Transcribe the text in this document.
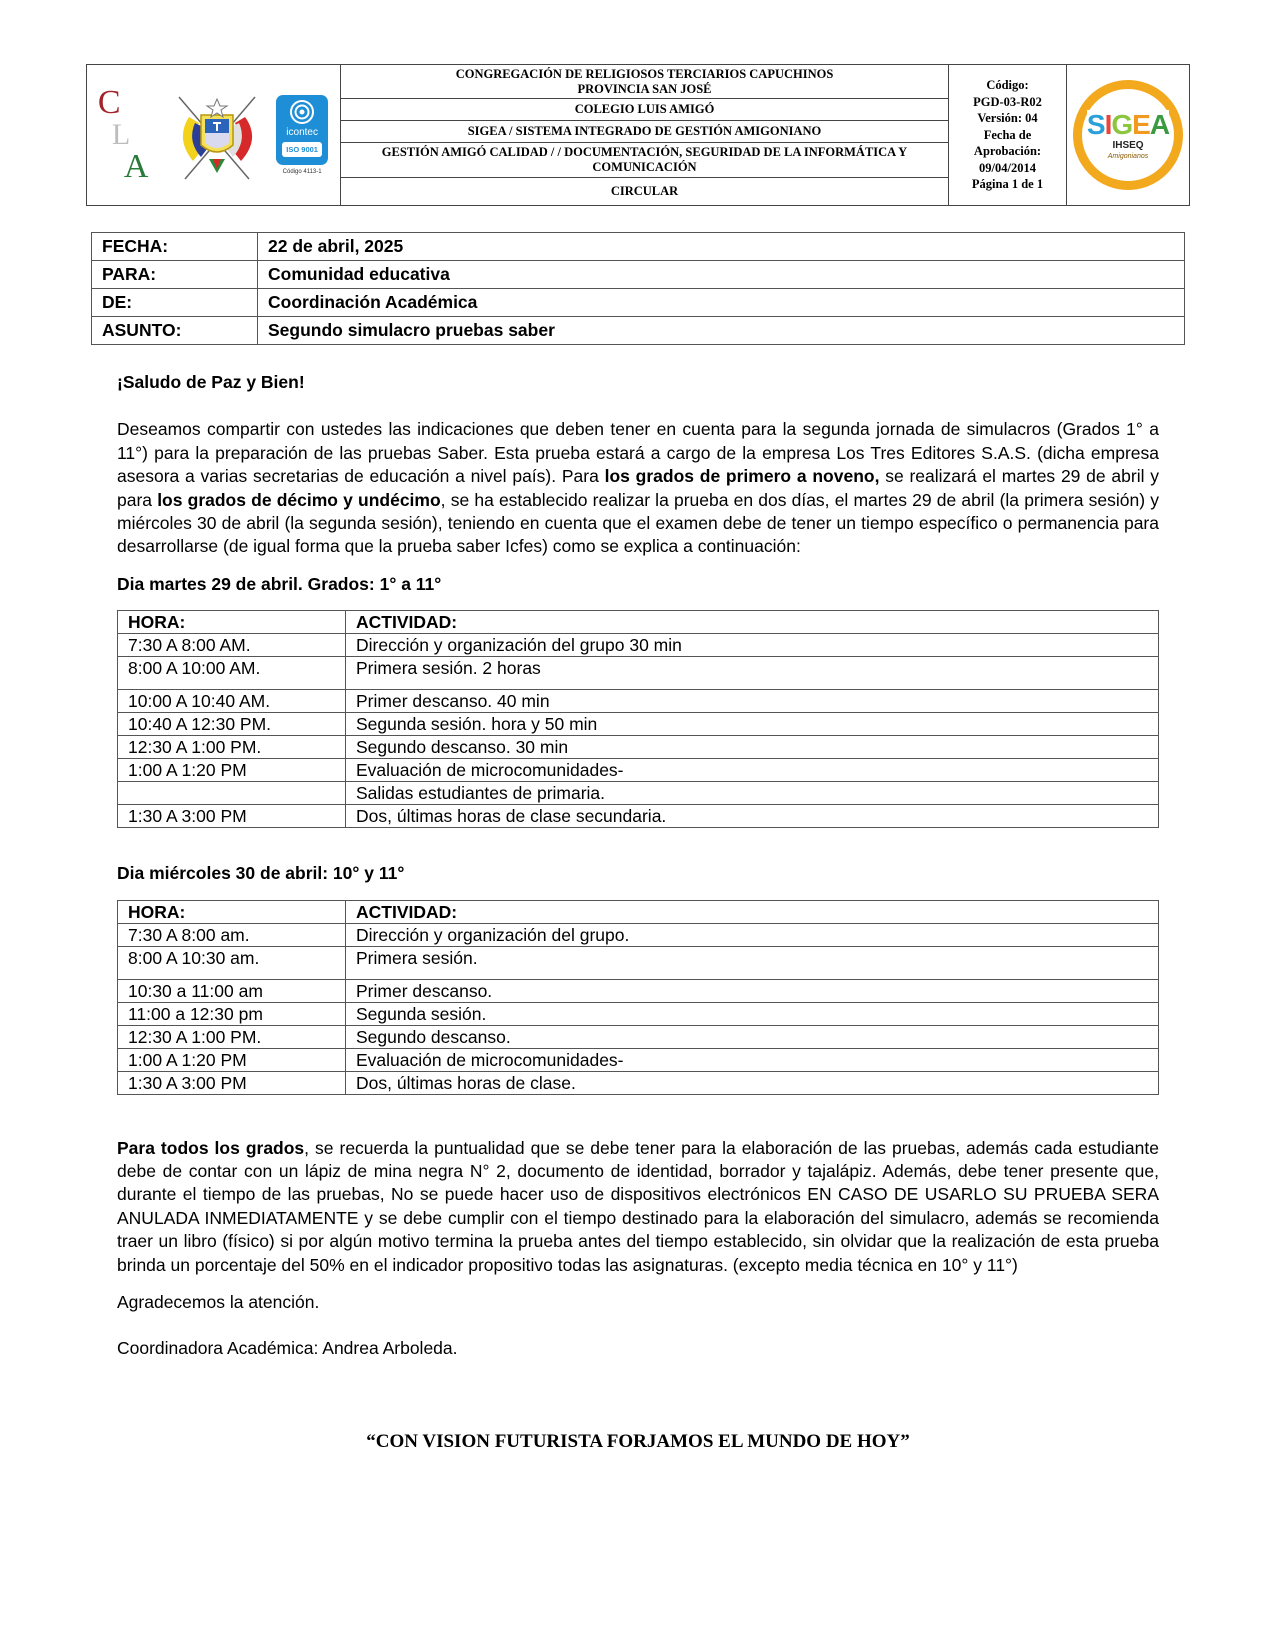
C
L
A
icontec
ISO 9001
Código 4113-1
CONGREGACIÓN DE RELIGIOSOS TERCIARIOS CAPUCHINOS PROVINCIA SAN JOSÉ
COLEGIO LUIS AMIGÓ
SIGEA / SISTEMA INTEGRADO DE GESTIÓN AMIGONIANO
GESTIÓN AMIGÓ CALIDAD / / DOCUMENTACIÓN, SEGURIDAD DE LA INFORMÁTICA Y COMUNICACIÓN
CIRCULAR
Código:
PGD-03-R02
Versión: 04
Fecha de
Aprobación:
09/04/2014
Página 1 de 1
SIGEA
IHSEQ
Amigonianos
FECHA:	22 de abril, 2025
PARA:	Comunidad educativa
DE:	Coordinación Académica
ASUNTO:	Segundo simulacro pruebas saber
¡Saludo de Paz y Bien!
Deseamos compartir con ustedes las indicaciones que deben tener en cuenta para la segunda jornada de simulacros (Grados 1° a 11°) para la preparación de las pruebas Saber. Esta prueba estará a cargo de la empresa Los Tres Editores S.A.S. (dicha empresa asesora a varias secretarias de educación a nivel país). Para los grados de primero a noveno, se realizará el martes 29 de abril y para los grados de décimo y undécimo, se ha establecido realizar la prueba en dos días, el martes 29 de abril (la primera sesión) y miércoles 30 de abril (la segunda sesión), teniendo en cuenta que el examen debe de tener un tiempo específico o permanencia para desarrollarse (de igual forma que la prueba saber Icfes) como se explica a continuación:
Dia martes 29 de abril. Grados: 1° a 11°
HORA:	ACTIVIDAD:
7:30 A 8:00 AM.	Dirección y organización del grupo 30 min
8:00 A 10:00 AM.	Primera sesión. 2 horas
10:00 A 10:40 AM.	Primer descanso. 40 min
10:40 A 12:30 PM.	Segunda sesión. hora y 50 min
12:30 A 1:00 PM.	Segundo descanso. 30 min
1:00 A 1:20 PM	Evaluación de microcomunidades-
	Salidas estudiantes de primaria.
1:30 A 3:00 PM	Dos, últimas horas de clase secundaria.
Dia miércoles 30 de abril: 10° y 11°
HORA:	ACTIVIDAD:
7:30 A 8:00 am.	Dirección y organización del grupo.
8:00 A 10:30 am.	Primera sesión.
10:30 a 11:00 am	Primer descanso.
11:00 a 12:30 pm	Segunda sesión.
12:30 A 1:00 PM.	Segundo descanso.
1:00 A 1:20 PM	Evaluación de microcomunidades-
1:30 A 3:00 PM	Dos, últimas horas de clase.
Para todos los grados, se recuerda la puntualidad que se debe tener para la elaboración de las pruebas, además cada estudiante debe de contar con un lápiz de mina negra N° 2, documento de identidad, borrador y tajalápiz. Además, debe tener presente que, durante el tiempo de las pruebas, No se puede hacer uso de dispositivos electrónicos EN CASO DE USARLO SU PRUEBA SERA ANULADA INMEDIATAMENTE y se debe cumplir con el tiempo destinado para la elaboración del simulacro, además se recomienda traer un libro (físico) si por algún motivo termina la prueba antes del tiempo establecido, sin olvidar que la realización de esta prueba brinda un porcentaje del 50% en el indicador propositivo todas las asignaturas. (excepto media técnica en 10° y 11°)
Agradecemos la atención.
Coordinadora Académica: Andrea Arboleda.
“CON VISION FUTURISTA FORJAMOS EL MUNDO DE HOY”
